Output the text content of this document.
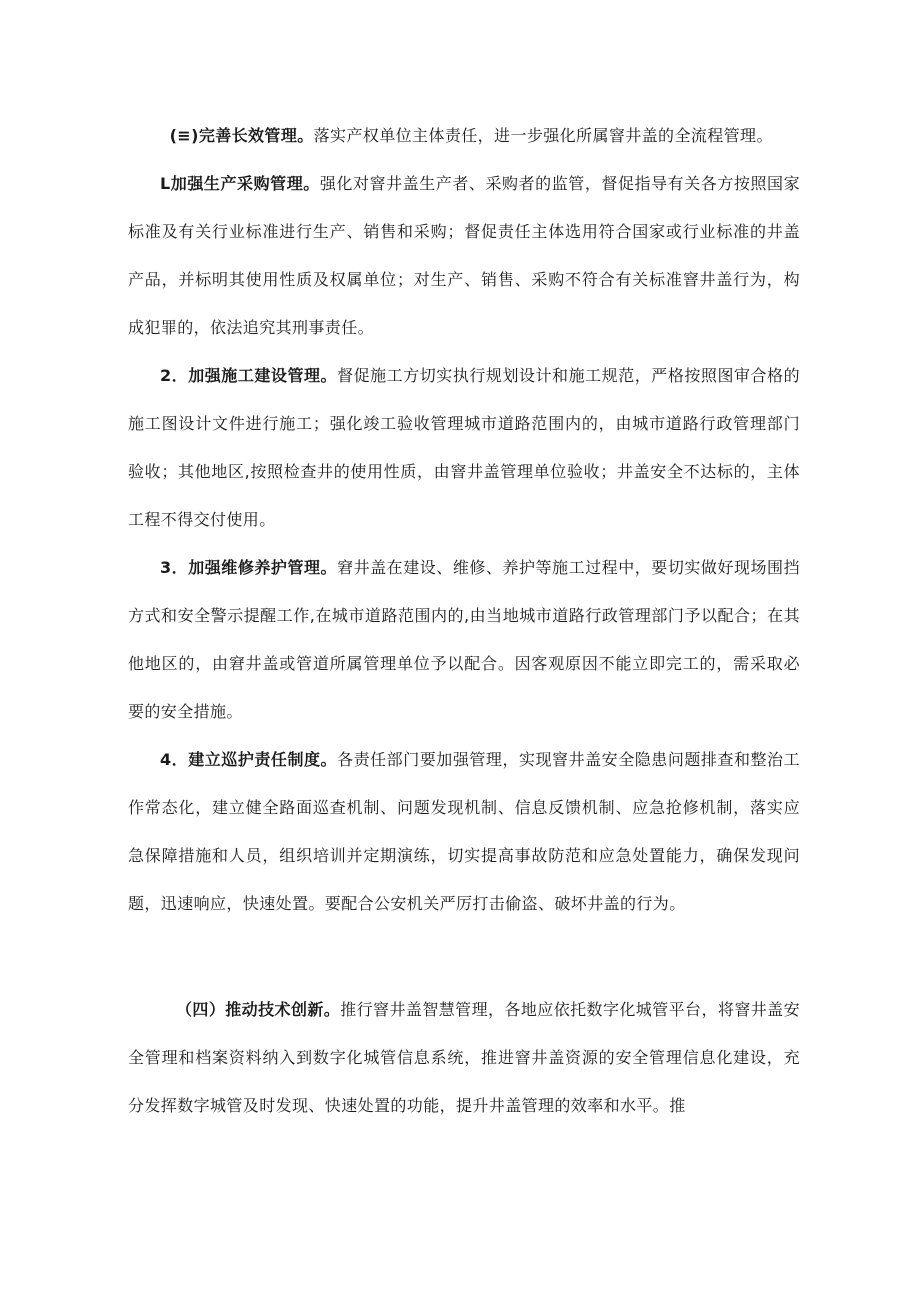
(≡)完善长效管理。落实产权单位主体责任，进一步强化所属窨井盖的全流程管理。

L加强生产采购管理。强化对窨井盖生产者、采购者的监管，督促指导有关各方按照国家标准及有关行业标准进行生产、销售和采购；督促责任主体选用符合国家或行业标准的井盖产品，并标明其使用性质及权属单位；对生产、销售、采购不符合有关标准窨井盖行为，构成犯罪的，依法追究其刑事责任。

2．加强施工建设管理。督促施工方切实执行规划设计和施工规范，严格按照图审合格的施工图设计文件进行施工；强化竣工验收管理城市道路范围内的，由城市道路行政管理部门验收；其他地区,按照检查井的使用性质，由窨井盖管理单位验收；井盖安全不达标的，主体工程不得交付使用。

3．加强维修养护管理。窘井盖在建设、维修、养护等施工过程中，要切实做好现场围挡方式和安全警示提醒工作,在城市道路范围内的,由当地城市道路行政管理部门予以配合；在其他地区的，由窘井盖或管道所属管理单位予以配合。因客观原因不能立即完工的，需采取必要的安全措施。

4．建立巡护责任制度。各责任部门要加强管理，实现窨井盖安全隐患问题排查和整治工作常态化，建立健全路面巡查机制、问题发现机制、信息反馈机制、应急抢修机制，落实应急保障措施和人员，组织培训并定期演练，切实提高事故防范和应急处置能力，确保发现问题，迅速响应，快速处置。要配合公安机关严厉打击偷盗、破坏井盖的行为。

（四）推动技术创新。推行窨井盖智慧管理，各地应依托数字化城管平台，将窨井盖安全管理和档案资料纳入到数字化城管信息系统，推进窨井盖资源的安全管理信息化建设，充分发挥数字城管及时发现、快速处置的功能，提升井盖管理的效率和水平。推
